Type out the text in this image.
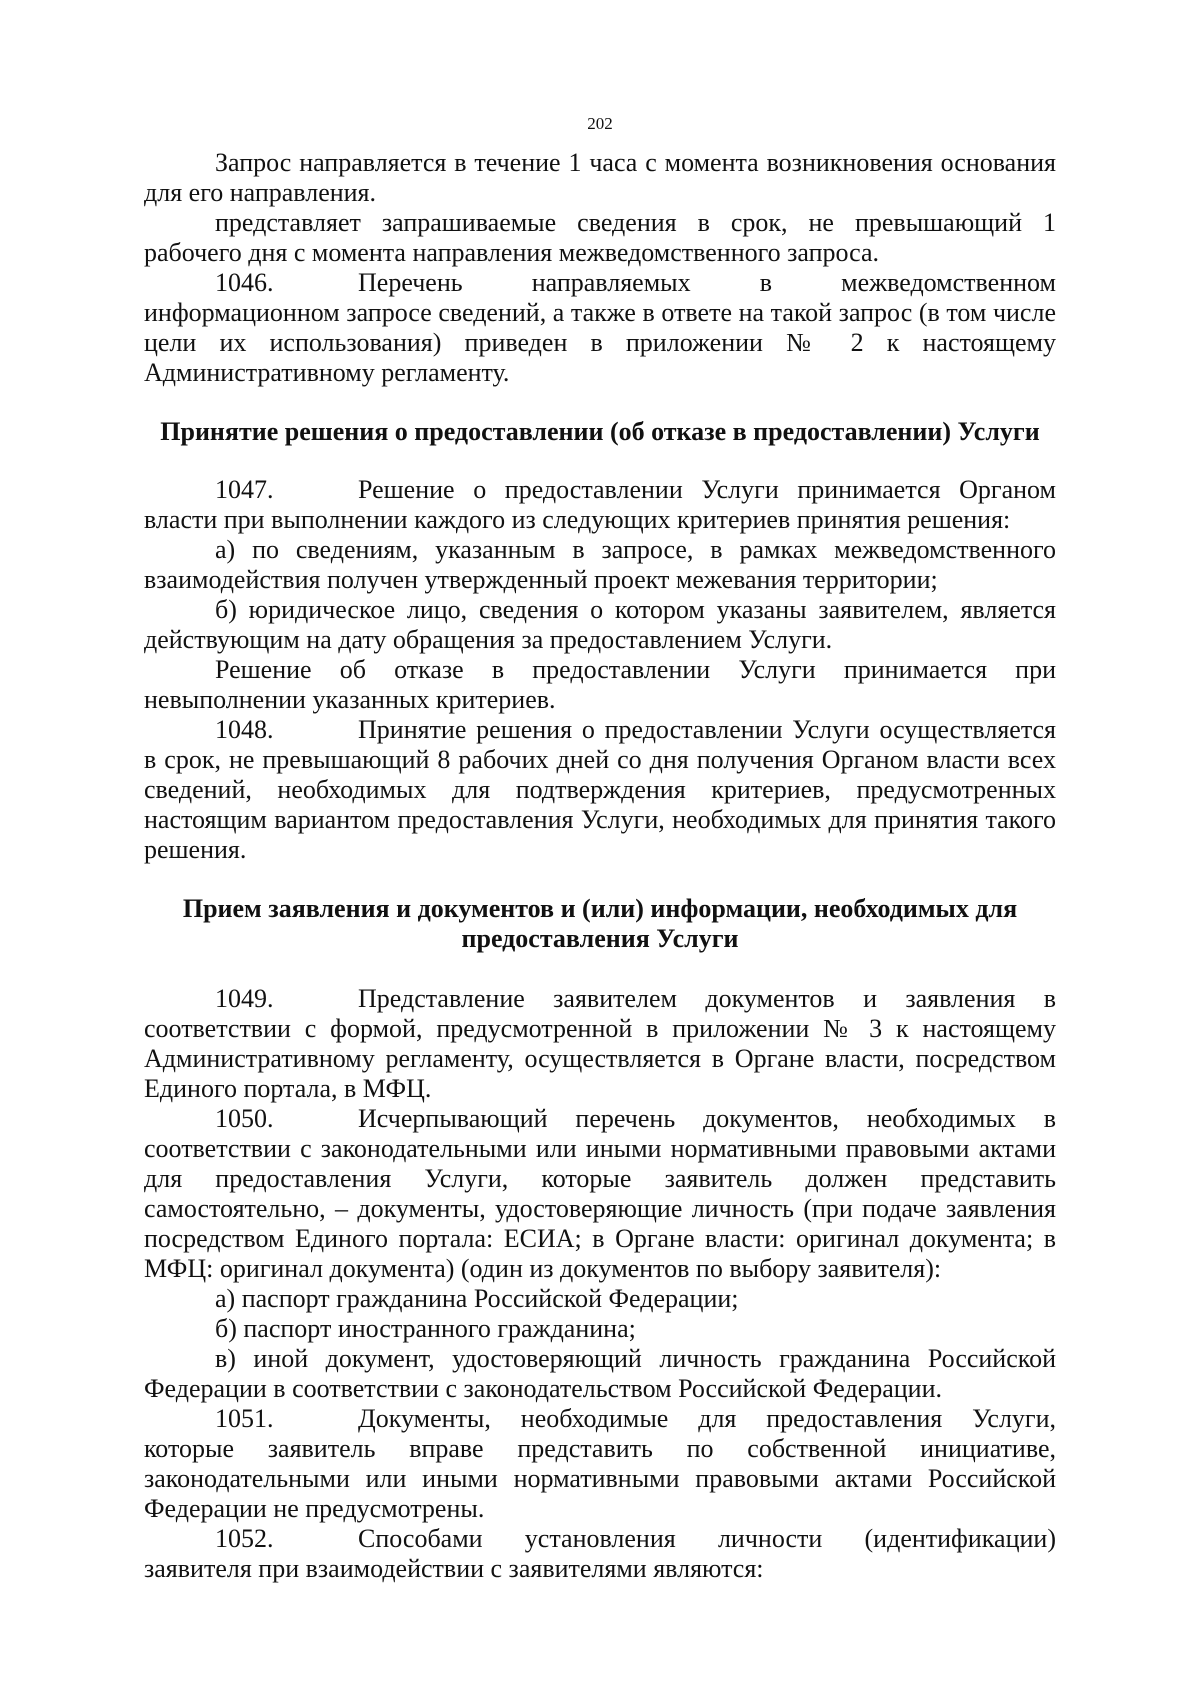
202

Запрос направляется в течение 1 часа с момента возникновения основания для его направления.

представляет запрашиваемые сведения в срок, не превышающий 1 рабочего дня с момента направления межведомственного запроса.

1046.	Перечень направляемых в межведомственном информационном запросе сведений, а также в ответе на такой запрос (в том числе цели их использования) приведен в приложении № 2 к настоящему Административному регламенту.

Принятие решения о предоставлении (об отказе в предоставлении) Услуги

1047.	Решение о предоставлении Услуги принимается Органом власти при выполнении каждого из следующих критериев принятия решения:

а) по сведениям, указанным в запросе, в рамках межведомственного взаимодействия получен утвержденный проект межевания территории;

б) юридическое лицо, сведения о котором указаны заявителем, является действующим на дату обращения за предоставлением Услуги.

Решение об отказе в предоставлении Услуги принимается при невыполнении указанных критериев.

1048.	Принятие решения о предоставлении Услуги осуществляется в срок, не превышающий 8 рабочих дней со дня получения Органом власти всех сведений, необходимых для подтверждения критериев, предусмотренных настоящим вариантом предоставления Услуги, необходимых для принятия такого решения.

Прием заявления и документов и (или) информации, необходимых для
предоставления Услуги

1049.	Представление заявителем документов и заявления в соответствии с формой, предусмотренной в приложении № 3 к настоящему Административному регламенту, осуществляется в Органе власти, посредством Единого портала, в МФЦ.

1050.	Исчерпывающий перечень документов, необходимых в соответствии с законодательными или иными нормативными правовыми актами для предоставления Услуги, которые заявитель должен представить самостоятельно, – документы, удостоверяющие личность (при подаче заявления посредством Единого портала: ЕСИА; в Органе власти: оригинал документа; в МФЦ: оригинал документа) (один из документов по выбору заявителя):

а) паспорт гражданина Российской Федерации;

б) паспорт иностранного гражданина;

в) иной документ, удостоверяющий личность гражданина Российской Федерации в соответствии с законодательством Российской Федерации.

1051.	Документы, необходимые для предоставления Услуги, которые заявитель вправе представить по собственной инициативе, законодательными или иными нормативными правовыми актами Российской Федерации не предусмотрены.

1052.	Способами установления личности (идентификации) заявителя при взаимодействии с заявителями являются:
